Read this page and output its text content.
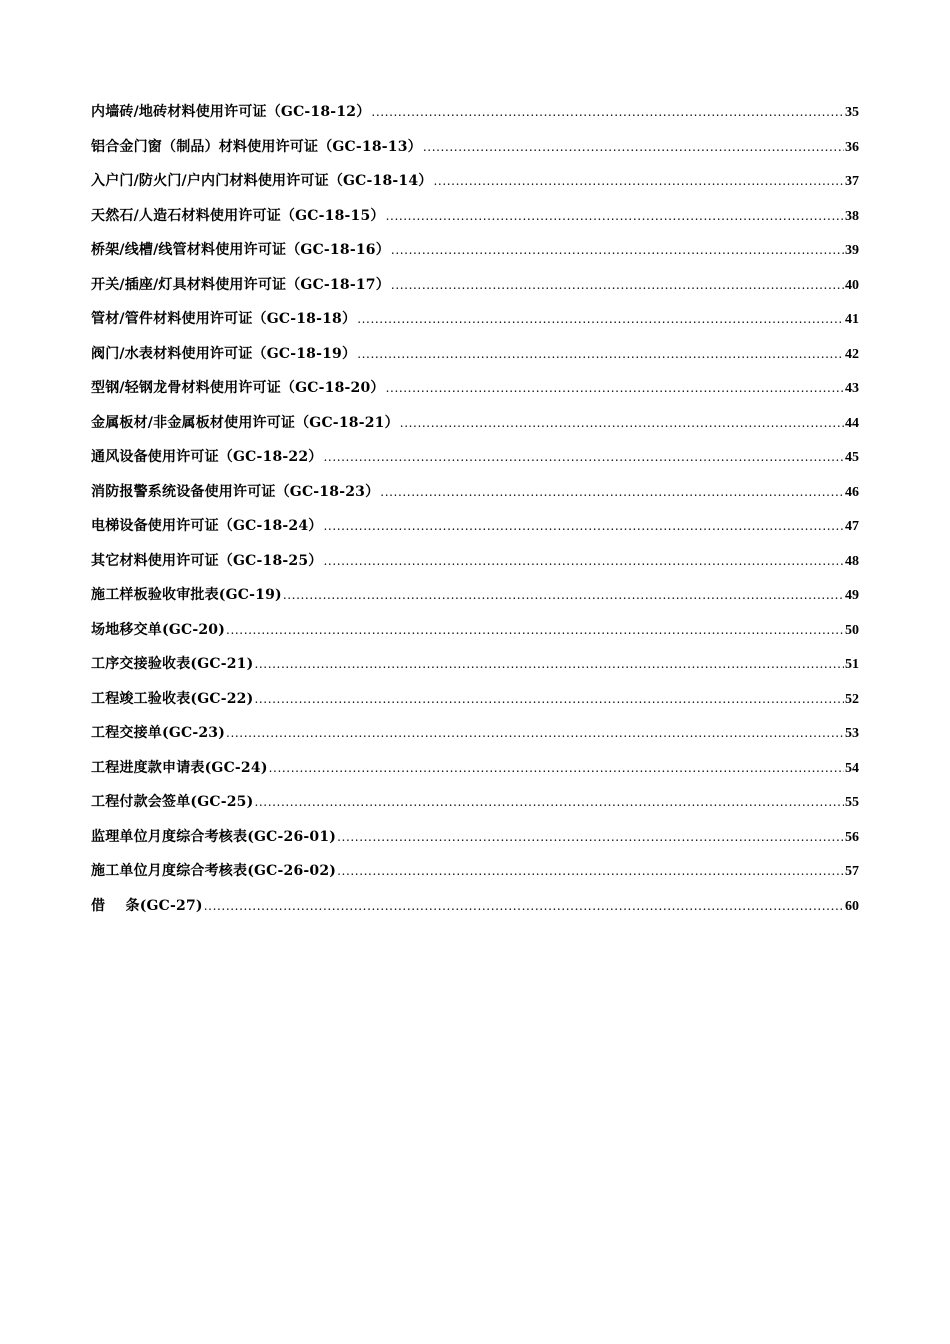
内墙砖/地砖材料使用许可证（GC-18-12） .....	35
铝合金门窗（制品）材料使用许可证（GC-18-13） .....	36
入户门/防火门/户内门材料使用许可证（GC-18-14） .....	37
天然石/人造石材料使用许可证（GC-18-15） .....	38
桥架/线槽/线管材料使用许可证（GC-18-16） .....	39
开关/插座/灯具材料使用许可证（GC-18-17） .....	40
管材/管件材料使用许可证（GC-18-18） .....	41
阀门/水表材料使用许可证（GC-18-19） .....	42
型钢/轻钢龙骨材料使用许可证（GC-18-20） .....	43
金属板材/非金属板材使用许可证（GC-18-21） .....	44
通风设备使用许可证（GC-18-22） .....	45
消防报警系统设备使用许可证（GC-18-23） .....	46
电梯设备使用许可证（GC-18-24） .....	47
其它材料使用许可证（GC-18-25） .....	48
施工样板验收审批表(GC-19) .....	49
场地移交单(GC-20) .....	50
工序交接验收表(GC-21) .....	51
工程竣工验收表(GC-22) .....	52
工程交接单(GC-23) .....	53
工程进度款申请表(GC-24) .....	54
工程付款会签单(GC-25) .....	55
监理单位月度综合考核表(GC-26-01) .....	56
施工单位月度综合考核表(GC-26-02) .....	57
借    条(GC-27) .....	60
